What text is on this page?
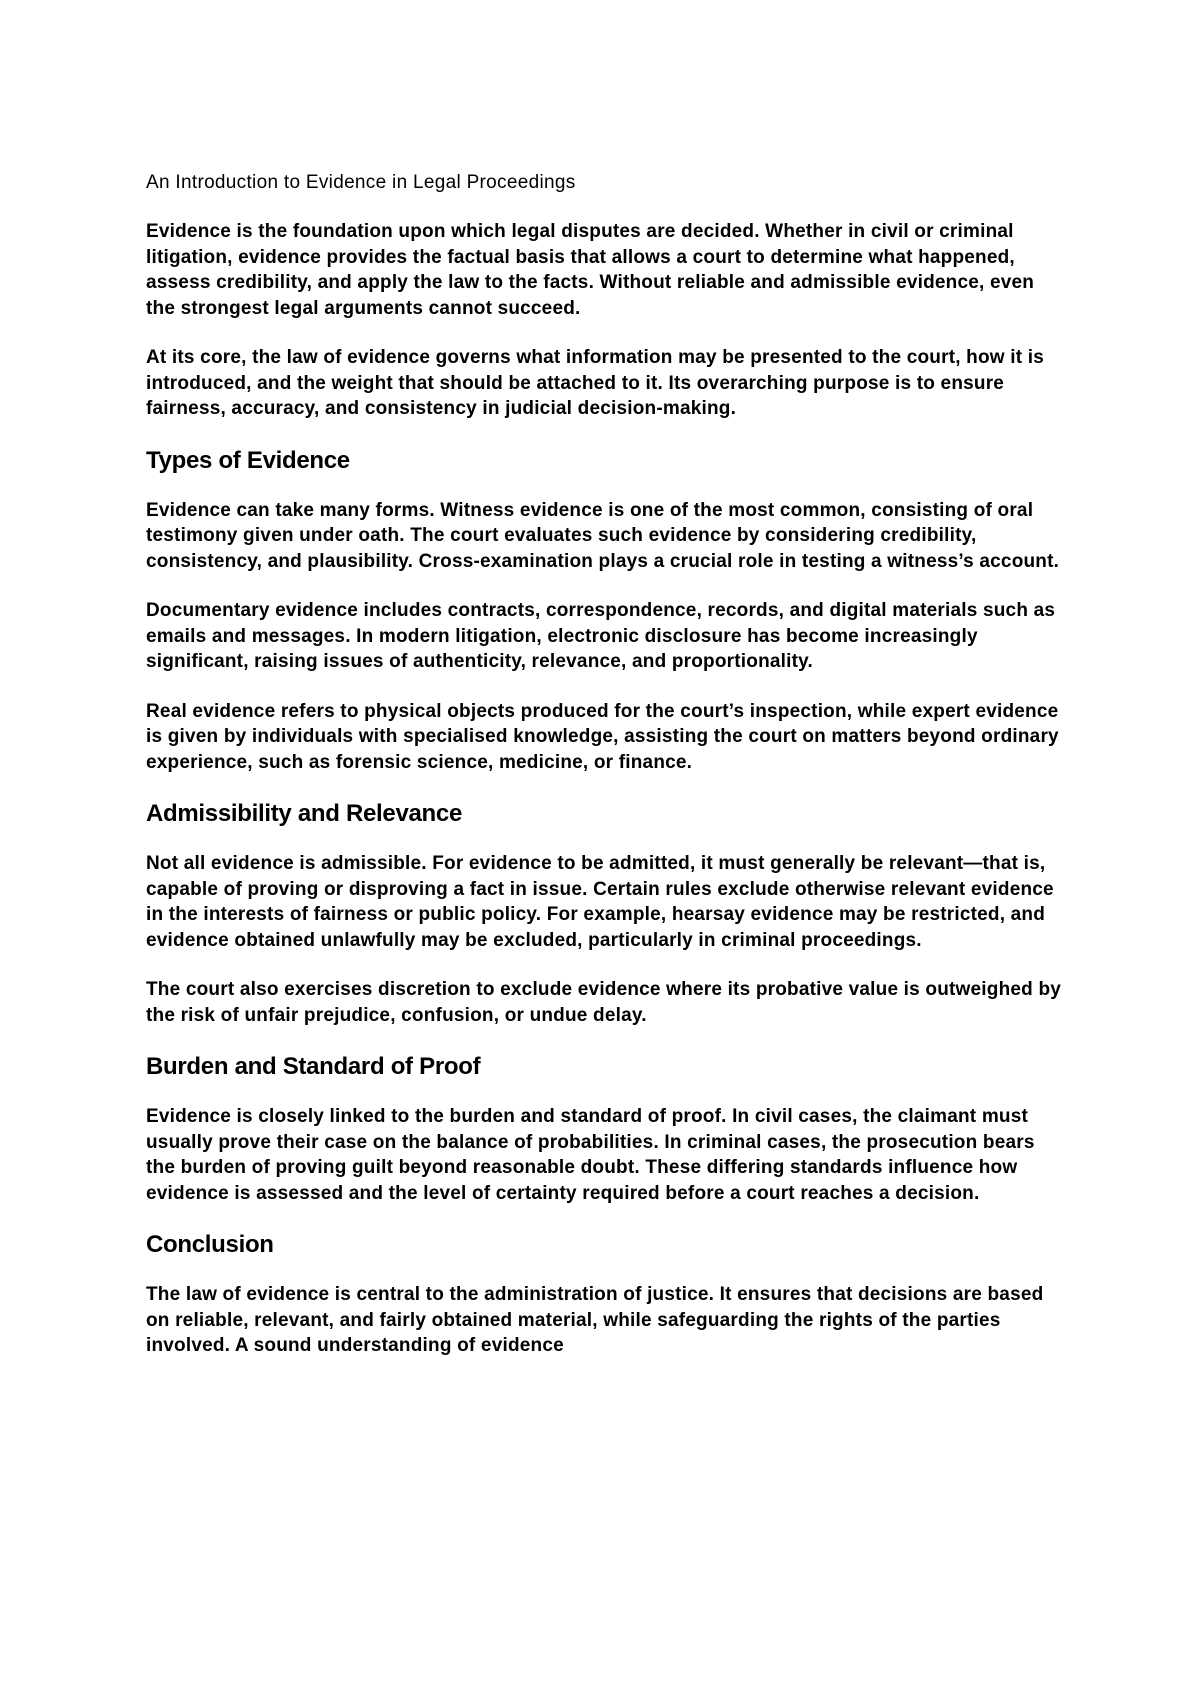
An Introduction to Evidence in Legal Proceedings

Evidence is the foundation upon which legal disputes are decided. Whether in civil or criminal litigation, evidence provides the factual basis that allows a court to determine what happened, assess credibility, and apply the law to the facts. Without reliable and admissible evidence, even the strongest legal arguments cannot succeed.

At its core, the law of evidence governs what information may be presented to the court, how it is introduced, and the weight that should be attached to it. Its overarching purpose is to ensure fairness, accuracy, and consistency in judicial decision-making.

Types of Evidence

Evidence can take many forms. Witness evidence is one of the most common, consisting of oral testimony given under oath. The court evaluates such evidence by considering credibility, consistency, and plausibility. Cross-examination plays a crucial role in testing a witness’s account.

Documentary evidence includes contracts, correspondence, records, and digital materials such as emails and messages. In modern litigation, electronic disclosure has become increasingly significant, raising issues of authenticity, relevance, and proportionality.

Real evidence refers to physical objects produced for the court’s inspection, while expert evidence is given by individuals with specialised knowledge, assisting the court on matters beyond ordinary experience, such as forensic science, medicine, or finance.

Admissibility and Relevance

Not all evidence is admissible. For evidence to be admitted, it must generally be relevant—that is, capable of proving or disproving a fact in issue. Certain rules exclude otherwise relevant evidence in the interests of fairness or public policy. For example, hearsay evidence may be restricted, and evidence obtained unlawfully may be excluded, particularly in criminal proceedings.

The court also exercises discretion to exclude evidence where its probative value is outweighed by the risk of unfair prejudice, confusion, or undue delay.

Burden and Standard of Proof

Evidence is closely linked to the burden and standard of proof. In civil cases, the claimant must usually prove their case on the balance of probabilities. In criminal cases, the prosecution bears the burden of proving guilt beyond reasonable doubt. These differing standards influence how evidence is assessed and the level of certainty required before a court reaches a decision.

Conclusion

The law of evidence is central to the administration of justice. It ensures that decisions are based on reliable, relevant, and fairly obtained material, while safeguarding the rights of the parties involved. A sound understanding of evidence
